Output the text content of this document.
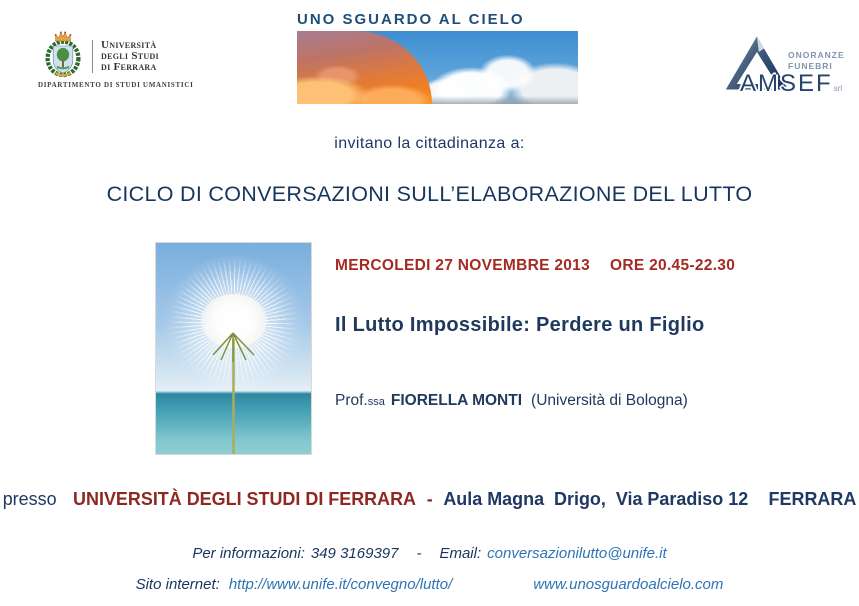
Università
degli Studi
di Ferrara
DIPARTIMENTO DI STUDI UMANISTICI
UNO SGUARDO AL CIELO
ONORANZE
FUNEBRI
AMSEFsrl
invitano la cittadinanza a:
CICLO DI CONVERSAZIONI SULL’ELABORAZIONE DEL LUTTO
MERCOLEDI 27 NOVEMBRE 2013 ORE 20.45-22.30
Il Lutto Impossibile: Perdere un Figlio
Prof.ssa FIORELLA MONTI (Università di Bologna)
presso UNIVERSITÀ DEGLI STUDI DI FERRARA - Aula Magna  Drigo,  Via Paradiso 12 FERRARA
Per informazioni: 349 3169397 - Email: conversazionilutto@unife.it
Sito internet: http://www.unife.it/convegno/lutto/	www.unosguardoalcielo.com
